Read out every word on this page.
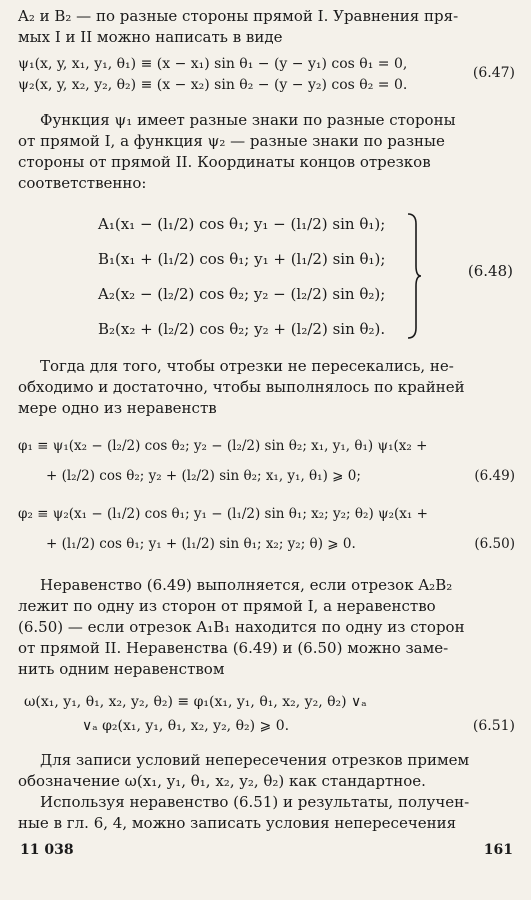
A₂ и B₂ — по разные стороны прямой I. Уравнения пря-
мых I и II можно написать в виде

ψ₁(x, y, x₁, y₁, θ₁) ≡ (x − x₁) sin θ₁ − (y − y₁) cos θ₁ = 0,
ψ₂(x, y, x₂, y₂, θ₂) ≡ (x − x₂) sin θ₂ − (y − y₂) cos θ₂ = 0.
(6.47)

Функция ψ₁ имеет разные знаки по разные стороны
от прямой I, а функция ψ₂ — разные знаки по разные
стороны от прямой II. Координаты концов отрезков
соответственно:

A₁(x₁ − (l₁/2) cos θ₁; y₁ − (l₁/2) sin θ₁);
B₁(x₁ + (l₁/2) cos θ₁; y₁ + (l₁/2) sin θ₁);
A₂(x₂ − (l₂/2) cos θ₂; y₂ − (l₂/2) sin θ₂);
B₂(x₂ + (l₂/2) cos θ₂; y₂ + (l₂/2) sin θ₂).
(6.48)

Тогда для того, чтобы отрезки не пересекались, не-
обходимо и достаточно, чтобы выполнялось по крайней
мере одно из неравенств

φ₁ ≡ ψ₁(x₂ − (l₂/2) cos θ₂; y₂ − (l₂/2) sin θ₂; x₁, y₁, θ₁) ψ₁(x₂ +
+ (l₂/2) cos θ₂; y₂ + (l₂/2) sin θ₂; x₁, y₁, θ₁) ⩾ 0;	(6.49)
φ₂ ≡ ψ₂(x₁ − (l₁/2) cos θ₁; y₁ − (l₁/2) sin θ₁; x₂; y₂; θ₂) ψ₂(x₁ +
+ (l₁/2) cos θ₁; y₁ + (l₁/2) sin θ₁; x₂; y₂; θ) ⩾ 0.	(6.50)

Неравенство (6.49) выполняется, если отрезок A₂B₂
лежит по одну из сторон от прямой I, а неравенство
(6.50) — если отрезок A₁B₁ находится по одну из сторон
от прямой II. Неравенства (6.49) и (6.50) можно заме-
нить одним неравенством

ω(x₁, y₁, θ₁, x₂, y₂, θ₂) ≡ φ₁(x₁, y₁, θ₁, x₂, y₂, θ₂) ∨ₐ
∨ₐ φ₂(x₁, y₁, θ₁, x₂, y₂, θ₂) ⩾ 0.	(6.51)

Для записи условий непересечения отрезков примем
обозначение ω(x₁, y₁, θ₁, x₂, y₂, θ₂) как стандартное.

Используя неравенство (6.51) и результаты, получен-
ные в гл. 6, 4, можно записать условия непересечения

11 038	161
